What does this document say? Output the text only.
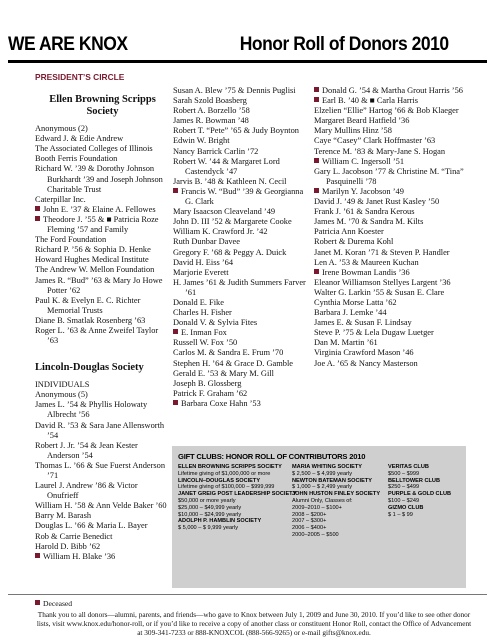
WE ARE KNOX	Honor Roll of Donors 2010
PRESIDENT’S CIRCLE
Ellen Browning Scripps Society
Anonymous (2)
Edward J. & Edie Andrew
The Associated Colleges of Illinois
Booth Ferris Foundation
Richard W. ’39 & Dorothy Johnson Burkhardt ’39 and Joseph Johnson Charitable Trust
Caterpillar Inc.
John E. ’37 & Elaine A. Fellowes
Theodore J. ’55 & ■ Patricia Roze Fleming ’57 and Family
The Ford Foundation
Richard P. ’56 & Sophia D. Henke
Howard Hughes Medical Institute
The Andrew W. Mellon Foundation
James R. “Bud” ’63 & Mary Jo Howe Potter ’62
Paul K. & Evelyn E. C. Richter Memorial Trusts
Diane B. Smatlak Rosenberg ’63
Roger L. ’63 & Anne Zweifel Taylor ’63
Lincoln-Douglas Society
INDIVIDUALS
Anonymous (5)
James L. ’54 & Phyllis Holowaty Albrecht ’56
David R. ’53 & Sara Jane Allensworth ’54
Robert J. Jr. ’54 & Jean Kester Anderson ’54
Thomas L. ’66 & Sue Fuerst Anderson ’71
Laurel J. Andrew ’86 & Victor Onufrieff
William H. ’58 & Ann Velde Baker ’60
Barry M. Barash
Douglas L. ’66 & Maria L. Bayer
Rob & Carrie Benedict
Harold D. Bibb ’62
William H. Blake ’36
Susan A. Blew ’75 & Dennis Puglisi
Sarah Szold Boasberg
Robert A. Borzello ’58
James R. Bowman ’48
Robert T. “Pete” ’65 & Judy Boynton
Edwin W. Bright
Nancy Barrick Carlin ’72
Robert W. ’44 & Margaret Lord Castendyck ’47
Jarvis B. ’48 & Kathleen N. Cecil
Francis W. “Bud” ’39 & Georgianna G. Clark
Mary Isaacson Cleaveland ’49
John D. III ’52 & Margarete Cooke
William K. Crawford Jr. ’42
Ruth Dunbar Davee
Gregory F. ’68 & Peggy A. Duick
David H. Eiss ’64
Marjorie Everett
H. James ’61 & Judith Summers Farver ’61
Donald E. Fike
Charles H. Fisher
Donald V. & Sylvia Fites
E. Inman Fox
Russell W. Fox ’50
Carlos M. & Sandra E. Frum ’70
Stephen H. ’64 & Grace D. Gamble
Gerald E. ’53 & Mary M. Gill
Joseph B. Glossberg
Patrick F. Graham ’62
Barbara Coxe Hahn ’53
Donald G. ’54 & Martha Grout Harris ’56
Earl B. ’40 & ■ Carla Harris
Elzelien “Ellie” Hartog ’66 & Bob Klaeger
Margaret Beard Hatfield ’36
Mary Mullins Hinz ’58
Caye “Casey” Clark Hoffmaster ’63
Terence M. ’83 & Mary-Jane S. Hogan
William C. Ingersoll ’51
Gary L. Jacobson ’77 & Christine M. “Tina” Pasquinelli ’78
Marilyn Y. Jacobson ’49
David J. ’49 & Janet Rust Kasley ’50
Frank J. ’61 & Sandra Kerous
James M. ’70 & Sandra M. Kilts
Patricia Ann Koester
Robert & Durema Kohl
Janet M. Koran ’71 & Steven P. Handler
Len A. ’53 & Maureen Kuchan
Irene Bowman Landis ’36
Eleanor Williamson Stellyes Largent ’36
Walter G. Larkin ’55 & Susan E. Clare
Cynthia Morse Latta ’62
Barbara J. Lemke ’44
James E. & Susan F. Lindsay
Steve P. ’75 & Lela Dugaw Luetger
Dan M. Martin ’61
Virginia Crawford Mason ’46
Joe A. ’65 & Nancy Masterson
GIFT CLUBS: HONOR ROLL OF CONTRIBUTORS 2010
ELLEN BROWNING SCRIPPS SOCIETY
Lifetime giving of $1,000,000 or more
LINCOLN–DOUGLAS SOCIETY
Lifetime giving of $100,000 – $999,999
JANET GREIG POST LEADERSHIP SOCIETY
$50,000 or more yearly
$25,000 – $49,999 yearly
$10,000 – $24,999 yearly
ADOLPH P. HAMBLIN SOCIETY
$ 5,000 – $ 9,999 yearly
MARIA WHITING SOCIETY
$ 2,500 – $ 4,999 yearly
NEWTON BATEMAN SOCIETY
$ 1,000 – $ 2,499 yearly
JOHN HUSTON FINLEY SOCIETY
Alumni Only, Classes of:
2009–2010 – $100+
2008 – $200+
2007 – $300+
2006 – $400+
2000–2005 – $500
VERITAS CLUB
$500 – $999
BELLTOWER CLUB
$250 – $499
PURPLE & GOLD CLUB
$100 – $249
GIZMO CLUB
$ 1 – $ 99
Deceased
Thank you to all donors—alumni, parents, and friends—who gave to Knox between July 1, 2009 and June 30, 2010. If you’d like to see other donor lists, visit www.knox.edu/honor-roll, or if you’d like to receive a copy of another class or constituent Honor Roll, contact the Office of Advancement at 309-341-7233 or 888-KNOXCOL (888-566-9265) or e-mail gifts@knox.edu.
